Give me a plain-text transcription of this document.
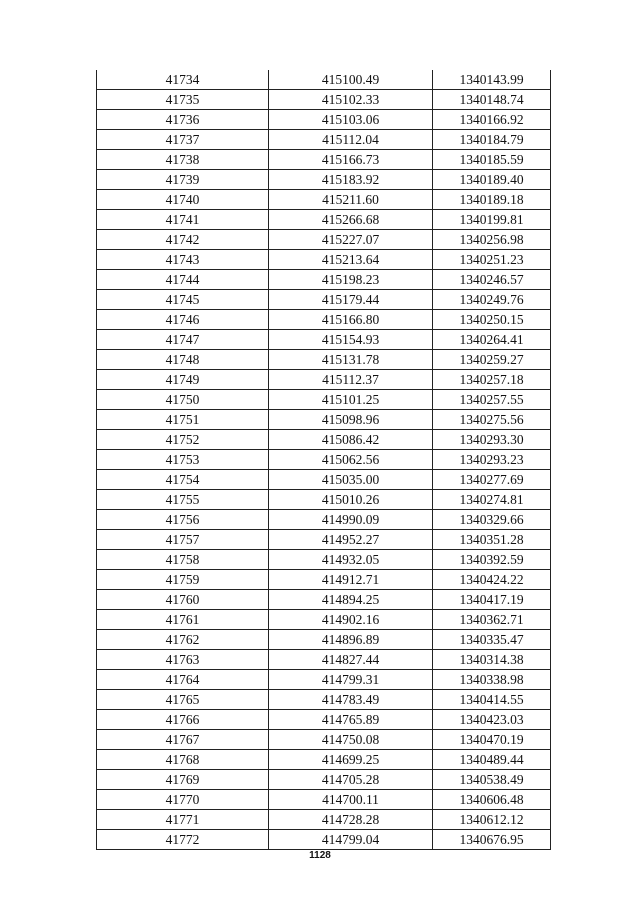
41734	415100.49	1340143.99
41735	415102.33	1340148.74
41736	415103.06	1340166.92
41737	415112.04	1340184.79
41738	415166.73	1340185.59
41739	415183.92	1340189.40
41740	415211.60	1340189.18
41741	415266.68	1340199.81
41742	415227.07	1340256.98
41743	415213.64	1340251.23
41744	415198.23	1340246.57
41745	415179.44	1340249.76
41746	415166.80	1340250.15
41747	415154.93	1340264.41
41748	415131.78	1340259.27
41749	415112.37	1340257.18
41750	415101.25	1340257.55
41751	415098.96	1340275.56
41752	415086.42	1340293.30
41753	415062.56	1340293.23
41754	415035.00	1340277.69
41755	415010.26	1340274.81
41756	414990.09	1340329.66
41757	414952.27	1340351.28
41758	414932.05	1340392.59
41759	414912.71	1340424.22
41760	414894.25	1340417.19
41761	414902.16	1340362.71
41762	414896.89	1340335.47
41763	414827.44	1340314.38
41764	414799.31	1340338.98
41765	414783.49	1340414.55
41766	414765.89	1340423.03
41767	414750.08	1340470.19
41768	414699.25	1340489.44
41769	414705.28	1340538.49
41770	414700.11	1340606.48
41771	414728.28	1340612.12
41772	414799.04	1340676.95
1128
